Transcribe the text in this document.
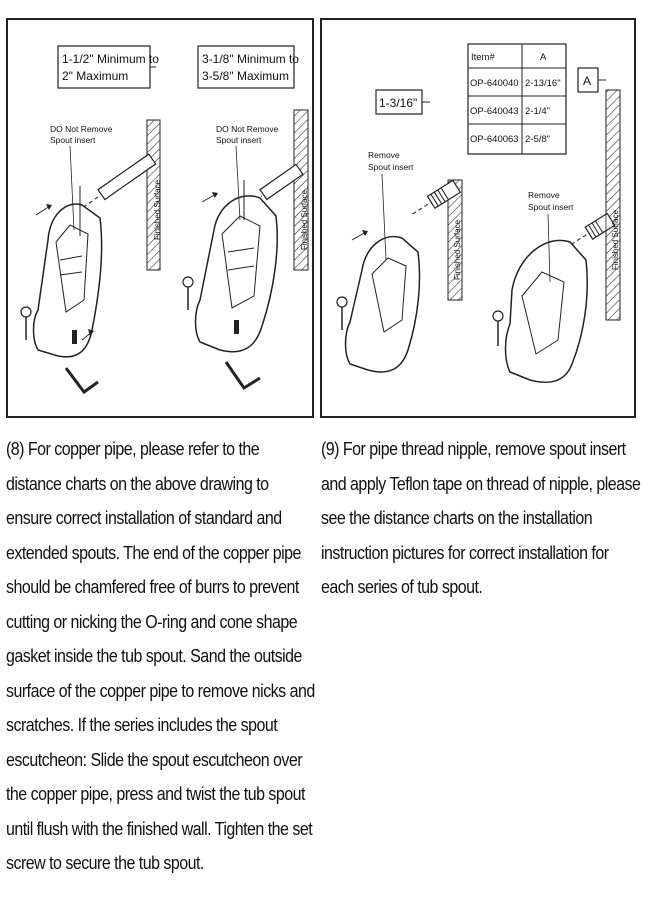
1-1/2" Minimum to
2" Maximum
3-1/8" Minimum to
3-5/8" Maximum
DO Not Remove
Spout insert
DO Not Remove
Spout insert
Finished Surface	Finished Surface
Item#	A
OP-640040 2-13/16"
OP-640043 2-1/4"
OP-640063 2-5/8"
A
1-3/16"
Remove
Spout insert
Finished Surface
Remove
Spout insert
Finished Surface

(8) For copper pipe, please refer to the distance charts on the above drawing to ensure correct installation of standard and extended spouts. The end of the copper pipe should be chamfered free of burrs to prevent cutting or nicking the O-ring and cone shape gasket inside the tub spout. Sand the outside surface of the copper pipe to remove nicks and scratches. If the series includes the spout escutcheon: Slide the spout escutcheon over the copper pipe, press and twist the tub spout until flush with the finished wall. Tighten the set screw to secure the tub spout.

(9) For pipe thread nipple, remove spout insert and apply Teflon tape on thread of nipple, please see the distance charts on the installation instruction pictures for correct installation for each series of tub spout.
